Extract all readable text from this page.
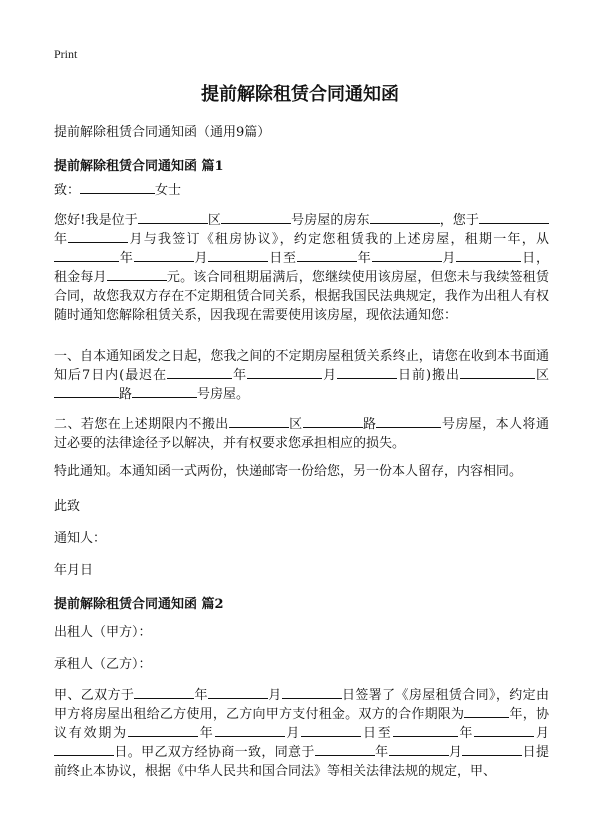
Print
提前解除租赁合同通知函
提前解除租赁合同通知函（通用9篇）
提前解除租赁合同通知函 篇1
致：	女士
您好!我是位于	区	号房屋的房东	，您于年	月与我签订《租房协议》，约定您租赁我的上述房屋，租期一年，从年	月	日至	年	月	日，租金每月	元。该合同租期届满后，您继续使用该房屋，但您未与我续签租赁合同，故您我双方存在不定期租赁合同关系，根据我国民法典规定，我作为出租人有权随时通知您解除租赁关系，因我现在需要使用该房屋，现依法通知您：
一、自本通知函发之日起，您我之间的不定期房屋租赁关系终止，请您在收到本书面通知后7日内(最迟在	年	月	日前)搬出	区路	号房屋。
二、若您在上述期限内不搬出	区	路	号房屋，本人将通过必要的法律途径予以解决，并有权要求您承担相应的损失。
特此通知。本通知函一式两份，快递邮寄一份给您，另一份本人留存，内容相同。
此致
通知人：
年月日
提前解除租赁合同通知函 篇2
出租人（甲方）：
承租人（乙方）：
甲、乙双方于	年	月	日签署了《房屋租赁合同》，约定由甲方将房屋出租给乙方使用，乙方向甲方支付租金。双方的合作期限为	年，协议有效期为	年	月	日至	年	月日。甲乙双方经协商一致，同意于	年	月	日提前终止本协议，根据《中华人民共和国合同法》等相关法律法规的规定，甲、
